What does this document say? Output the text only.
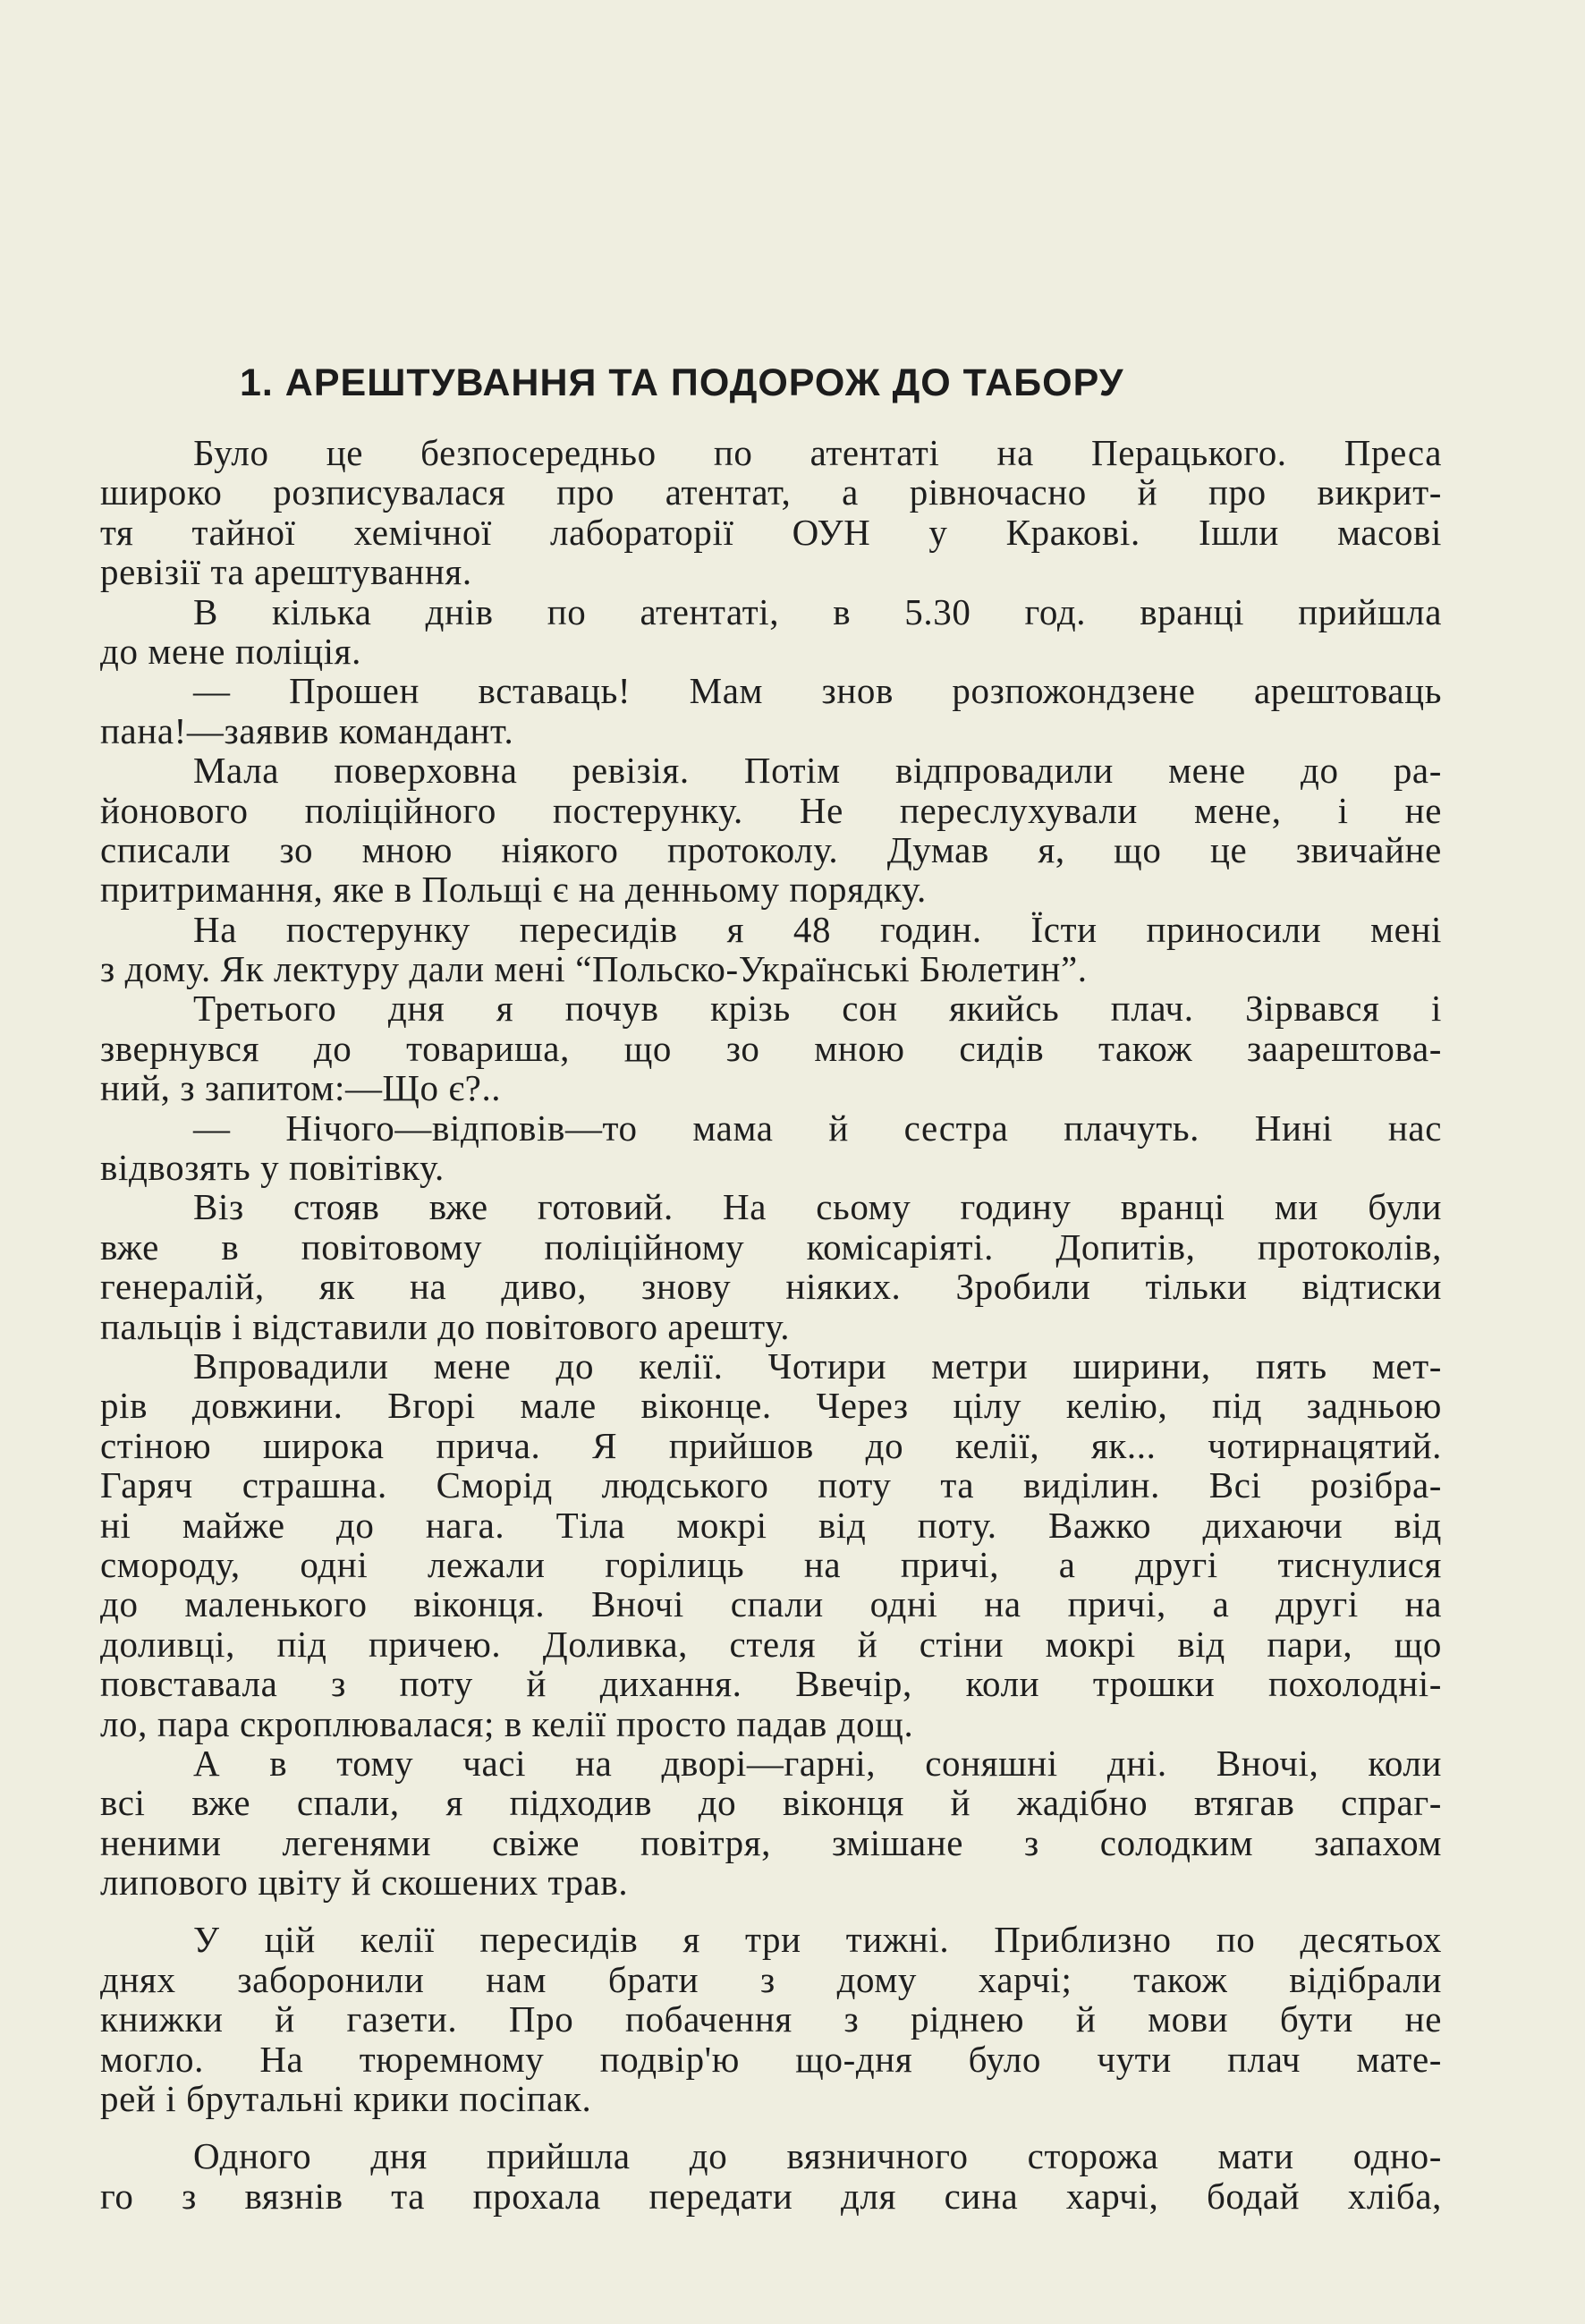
1. АРЕШТУВАННЯ ТА ПОДОРОЖ ДО ТАБОРУ
Було це безпосередньо по атентаті на Перацького. Преса
широко розписувалася про атентат, а рівночасно й про викрит-
тя тайної хемічної лабораторії ОУН у Кракові. Ішли масові
ревізії та арештування.
В кілька днів по атентаті, в 5.30 год. вранці прийшла
до мене поліція.
— Прошен вставаць! Мам знов розпожондзене арештоваць
пана!—заявив командант.
Мала поверховна ревізія. Потім відпровадили мене до ра-
йонового поліційного постерунку. Не переслухували мене, і не
списали зо мною ніякого протоколу. Думав я, що це звичайне
притримання, яке в Польщі є на денньому порядку.
На постерунку пересидів я 48 годин. Їсти приносили мені
з дому. Як лектуру дали мені “Польско-Українські Бюлетин”.
Третього дня я почув крізь сон якийсь плач. Зірвався і
звернувся до товариша, що зо мною сидів також заарештова-
ний, з запитом:—Що є?..
— Нічого—відповів—то мама й сестра плачуть. Нині нас
відвозять у повітівку.
Віз стояв вже готовий. На сьому годину вранці ми були
вже в повітовому поліційному комісаріяті. Допитів, протоколів,
генералій, як на диво, знову ніяких. Зробили тільки відтиски
пальців і відставили до повітового арешту.
Впровадили мене до келії. Чотири метри ширини, пять мет-
рів довжини. Вгорі мале віконце. Через цілу келію, під задньою
стіною широка прича. Я прийшов до келії, як... чотирнацятий.
Гаряч страшна. Сморід людського поту та виділин. Всі розібра-
ні майже до нага. Тіла мокрі від поту. Важко дихаючи від
смороду, одні лежали горілиць на причі, а другі тиснулися
до маленького віконця. Вночі спали одні на причі, а другі на
доливці, під причею. Доливка, стеля й стіни мокрі від пари, що
повставала з поту й дихання. Ввечір, коли трошки похолодні-
ло, пара скроплювалася; в келії просто падав дощ.
А в тому часі на дворі—гарні, соняшні дні. Вночі, коли
всі вже спали, я підходив до віконця й жадібно втягав спраг-
неними легенями свіже повітря, змішане з солодким запахом
липового цвіту й скошених трав.
У цій келії пересидів я три тижні. Приблизно по десятьох
днях заборонили нам брати з дому харчі; також відібрали
книжки й газети. Про побачення з ріднею й мови бути не
могло. На тюремному подвір'ю що-дня було чути плач мате-
рей і брутальні крики посіпак.
Одного дня прийшла до вязничного сторожа мати одно-
го з вязнів та прохала передати для сина харчі, бодай хліба,
